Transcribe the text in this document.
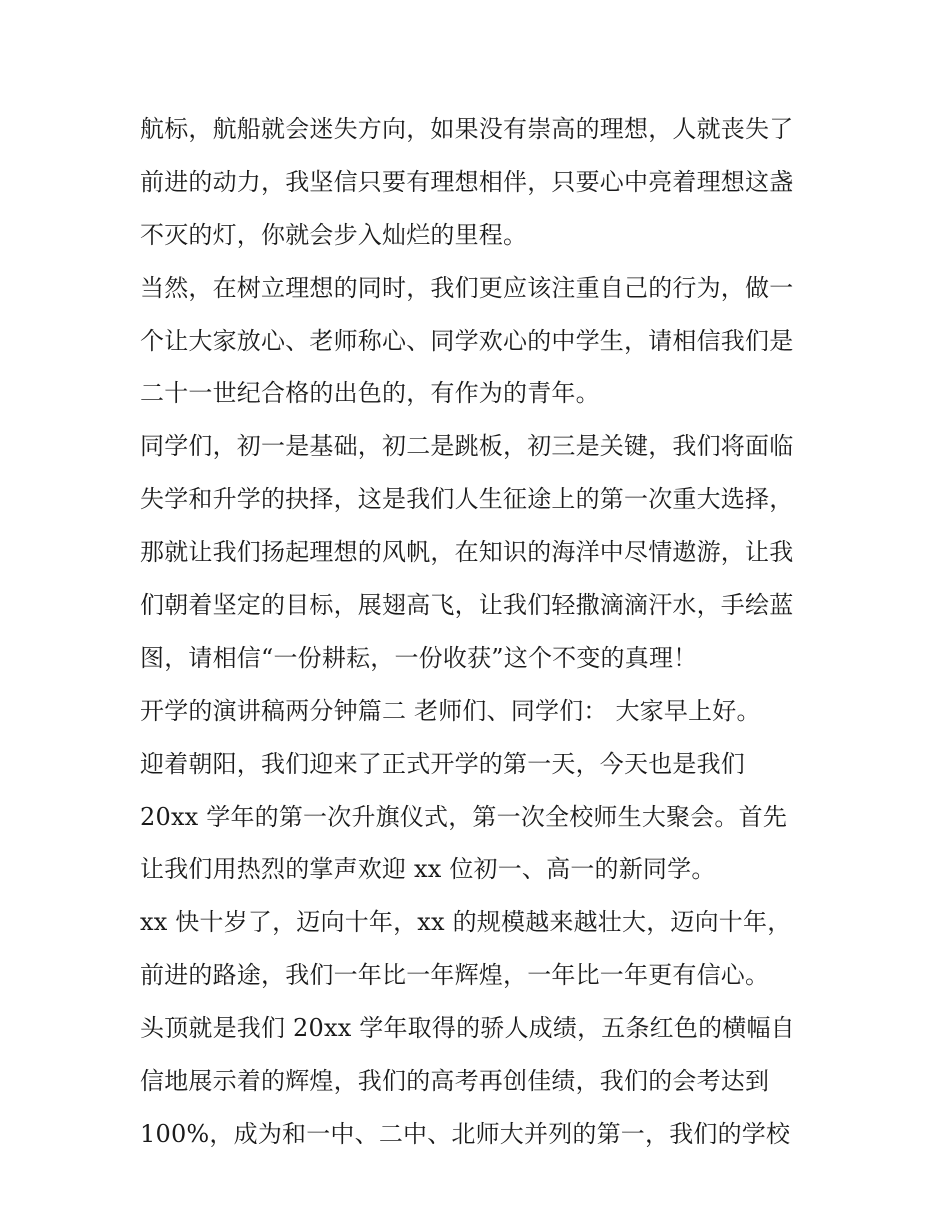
航标，航船就会迷失方向，如果没有崇高的理想，人就丧失了
前进的动力，我坚信只要有理想相伴，只要心中亮着理想这盏
不灭的灯，你就会步入灿烂的里程。
当然，在树立理想的同时，我们更应该注重自己的行为，做一
个让大家放心、老师称心、同学欢心的中学生，请相信我们是
二十一世纪合格的出色的，有作为的青年。
同学们，初一是基础，初二是跳板，初三是关键，我们将面临
失学和升学的抉择，这是我们人生征途上的第一次重大选择，
那就让我们扬起理想的风帆，在知识的海洋中尽情遨游，让我
们朝着坚定的目标，展翅高飞，让我们轻撒滴滴汗水，手绘蓝
图，请相信“一份耕耘，一份收获”这个不变的真理！
开学的演讲稿两分钟篇二 老师们、同学们： 大家早上好。
迎着朝阳，我们迎来了正式开学的第一天，今天也是我们
20xx 学年的第一次升旗仪式，第一次全校师生大聚会。首先
让我们用热烈的掌声欢迎 xx 位初一、高一的新同学。
xx 快十岁了，迈向十年，xx 的规模越来越壮大，迈向十年，
前进的路途，我们一年比一年辉煌，一年比一年更有信心。
头顶就是我们 20xx 学年取得的骄人成绩，五条红色的横幅自
信地展示着的辉煌，我们的高考再创佳绩，我们的会考达到
100%，成为和一中、二中、北师大并列的第一，我们的学校
